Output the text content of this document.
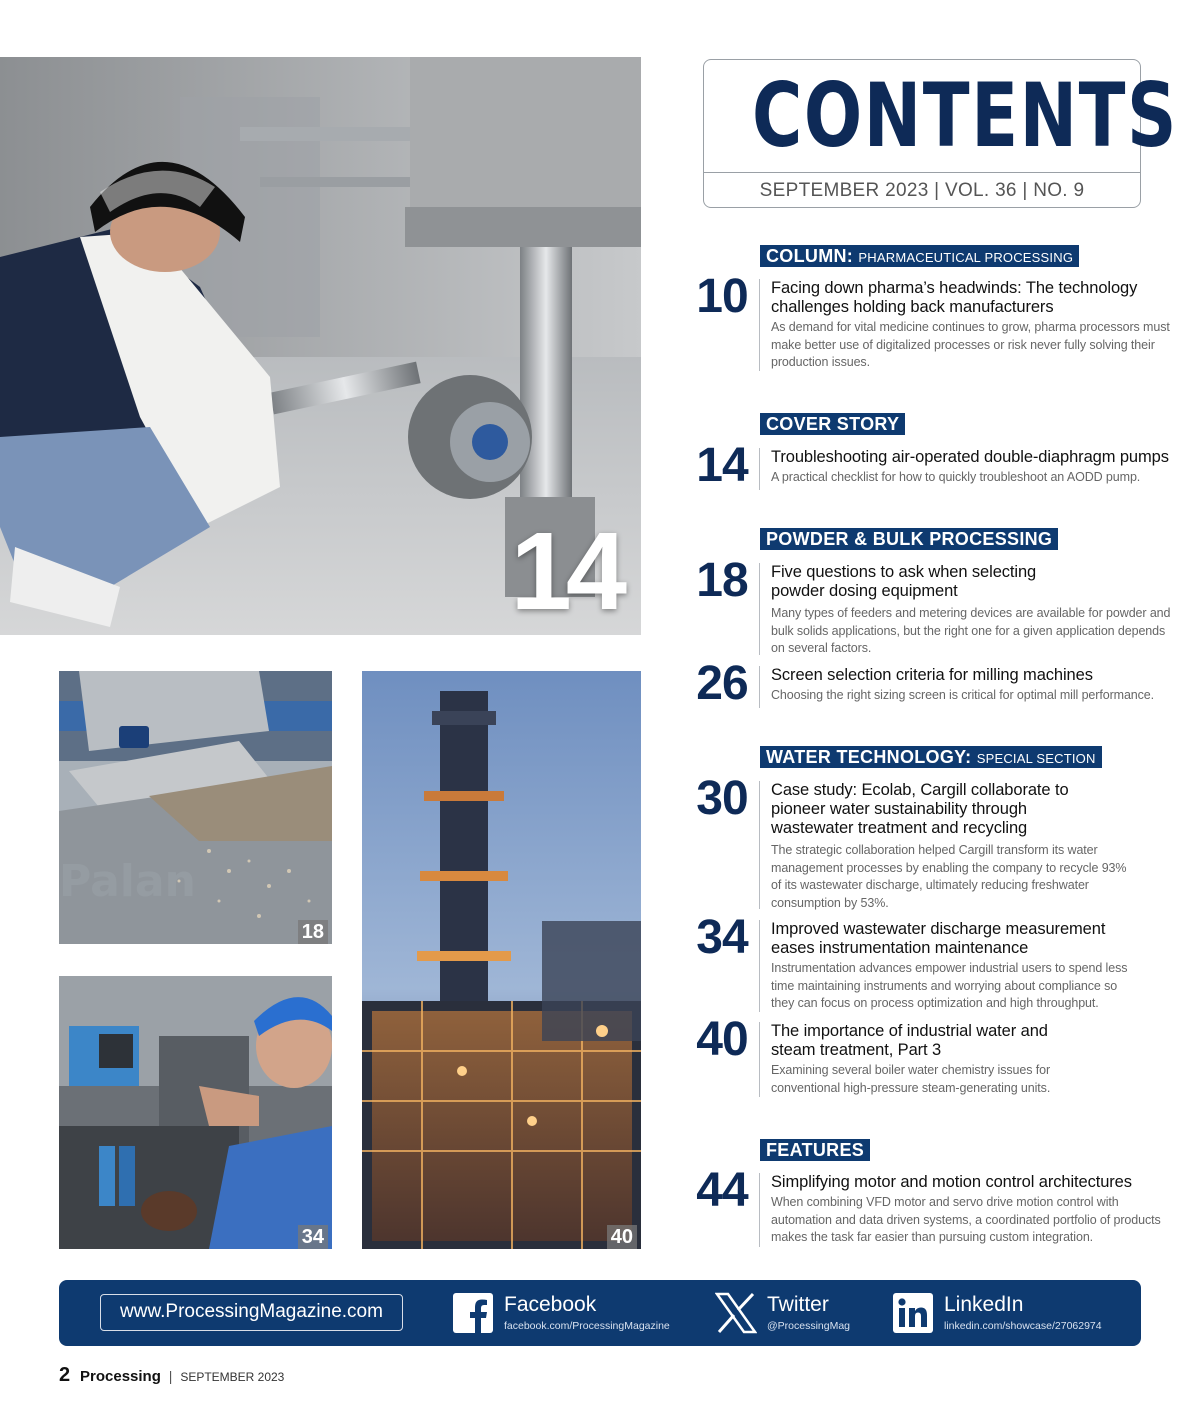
14
Palan
18
34	40
CONTENTS
SEPTEMBER 2023 | VOL. 36 | NO. 9
COLUMN: PHARMACEUTICAL PROCESSING
10	Facing down pharma’s headwinds: The technology challenges holding back manufacturers
As demand for vital medicine continues to grow, pharma processors must make better use of digitalized processes or risk never fully solving their production issues.
COVER STORY
14	Troubleshooting air-operated double-diaphragm pumps
A practical checklist for how to quickly troubleshoot an AODD pump.
POWDER & BULK PROCESSING
18	Five questions to ask when selecting powder dosing equipment
Many types of feeders and metering devices are available for powder and bulk solids applications, but the right one for a given application depends on several factors.
26	Screen selection criteria for milling machines
Choosing the right sizing screen is critical for optimal mill performance.
WATER TECHNOLOGY: SPECIAL SECTION
30	Case study: Ecolab, Cargill collaborate to pioneer water sustainability through wastewater treatment and recycling
The strategic collaboration helped Cargill transform its water management processes by enabling the company to recycle 93% of its wastewater discharge, ultimately reducing freshwater consumption by 53%.
34	Improved wastewater discharge measurement eases instrumentation maintenance
Instrumentation advances empower industrial users to spend less time maintaining instruments and worrying about compliance so they can focus on process optimization and high throughput.
40	The importance of industrial water and steam treatment, Part 3
Examining several boiler water chemistry issues for conventional high-pressure steam-generating units.
FEATURES
44	Simplifying motor and motion control architectures
When combining VFD motor and servo drive motion control with automation and data driven systems, a coordinated portfolio of products makes the task far easier than pursuing custom integration.
www.ProcessingMagazine.com	Facebook
facebook.com/ProcessingMagazine
Twitter
@ProcessingMag
LinkedIn
linkedin.com/showcase/27062974
2 Processing | SEPTEMBER 2023
